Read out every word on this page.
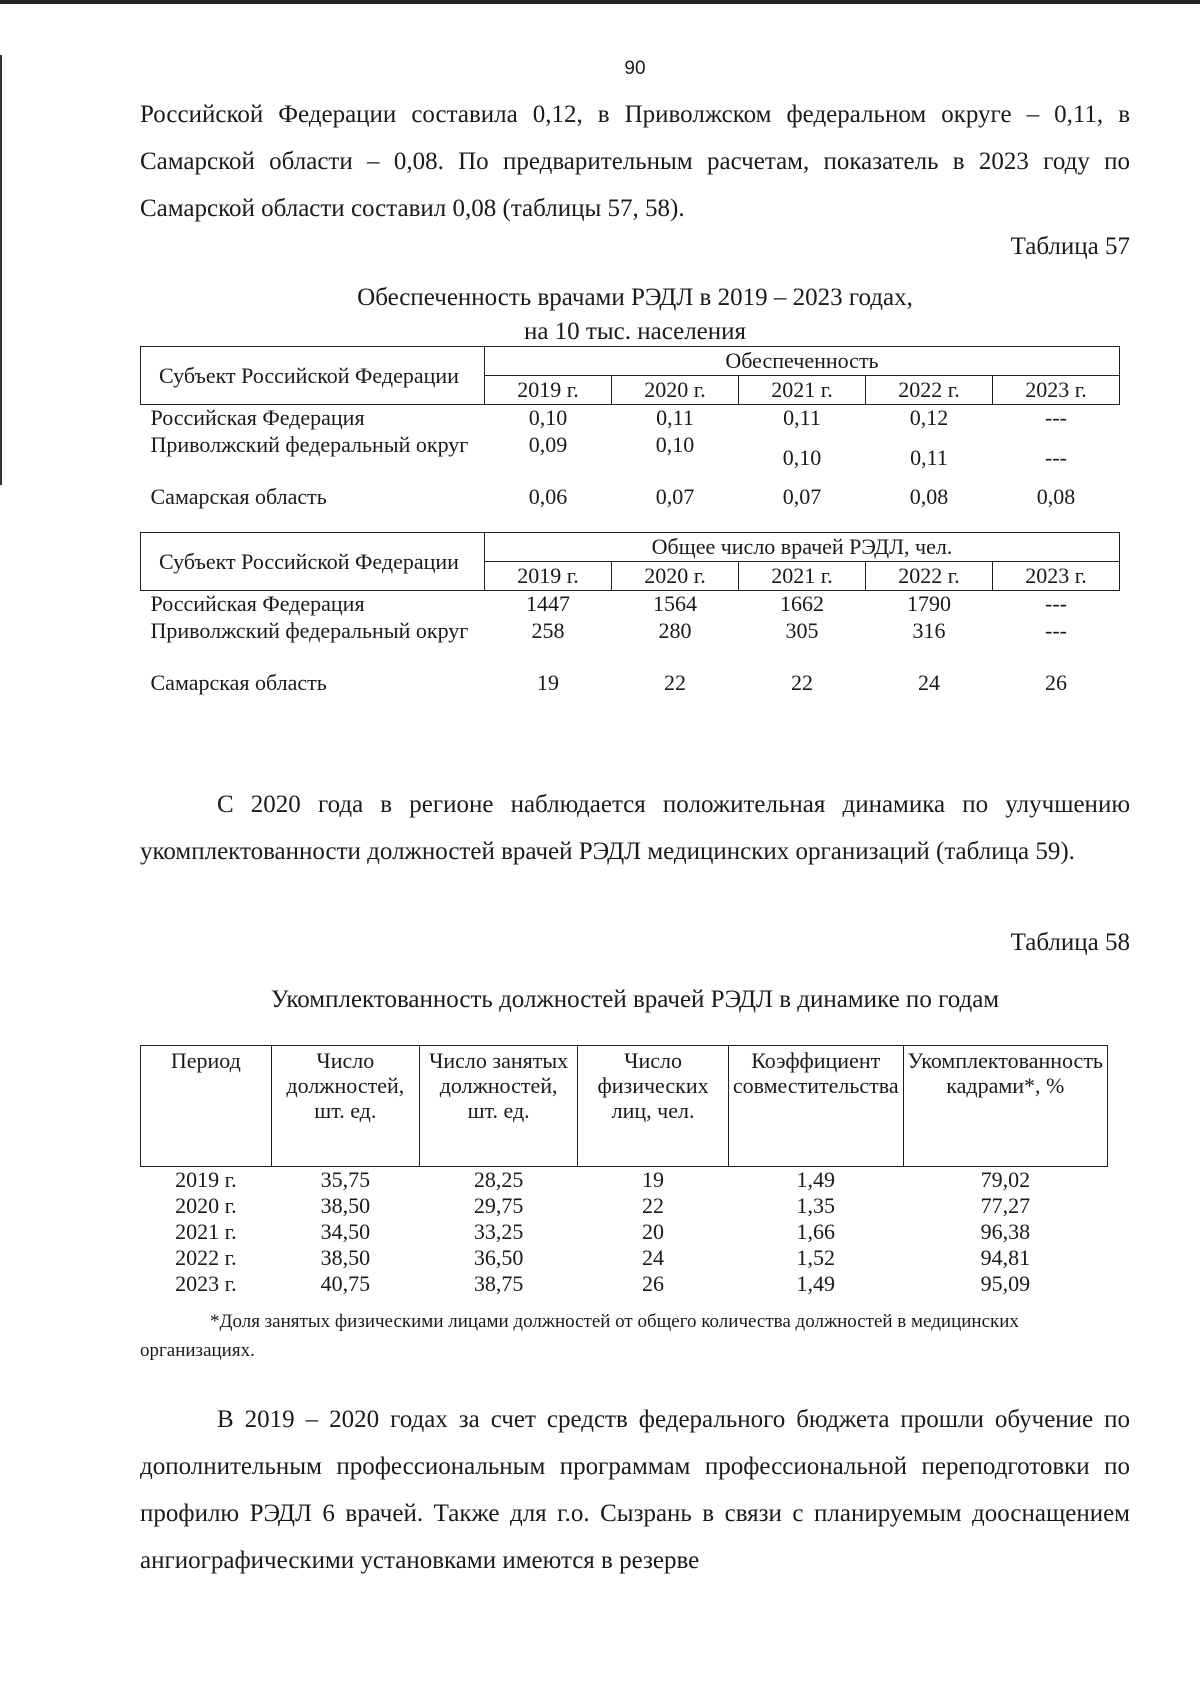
90

Российской Федерации составила 0,12, в Приволжском федеральном округе – 0,11, в Самарской области – 0,08. По предварительным расчетам, показатель в 2023 году по Самарской области составил 0,08 (таблицы 57, 58).

Таблица 57
Обеспеченность врачами РЭДЛ в 2019 – 2023 годах,
на 10 тыс. населения
Субъект Российской Федерации	Обеспеченность				
	2019 г.	2020 г.	2021 г.	2022 г.	2023 г.
Российская Федерация	0,10	0,11	0,11	0,12	---
Приволжский федеральный округ	0,09	0,10	0,10	0,11	---
Самарская область	0,06	0,07	0,07	0,08	0,08
Субъект Российской Федерации	Общее число врачей РЭДЛ, чел.				
	2019 г.	2020 г.	2021 г.	2022 г.	2023 г.
Российская Федерация	1447	1564	1662	1790	---
Приволжский федеральный округ	258	280	305	316	---
Самарская область	19	22	22	24	26

С 2020 года в регионе наблюдается положительная динамика по улучшению укомплектованности должностей врачей РЭДЛ медицинских организаций (таблица 59).

Таблица 58
Укомплектованность должностей врачей РЭДЛ в динамике по годам
Период	Число должностей, шт. ед.	Число занятых должностей, шт. ед.	Число физических лиц, чел.	Коэффициент совместительства	Укомплектованность кадрами*, %
2019 г.	35,75	28,25	19	1,49	79,02
2020 г.	38,50	29,75	22	1,35	77,27
2021 г.	34,50	33,25	20	1,66	96,38
2022 г.	38,50	36,50	24	1,52	94,81
2023 г.	40,75	38,75	26	1,49	95,09
*Доля занятых физическими лицами должностей от общего количества должностей в медицинских организациях.

В 2019 – 2020 годах за счет средств федерального бюджета прошли обучение по дополнительным профессиональным программам профессиональной переподготовки по профилю РЭДЛ 6 врачей. Также для г.о. Сызрань в связи с планируемым дооснащением ангиографическими установками имеются в резерве
